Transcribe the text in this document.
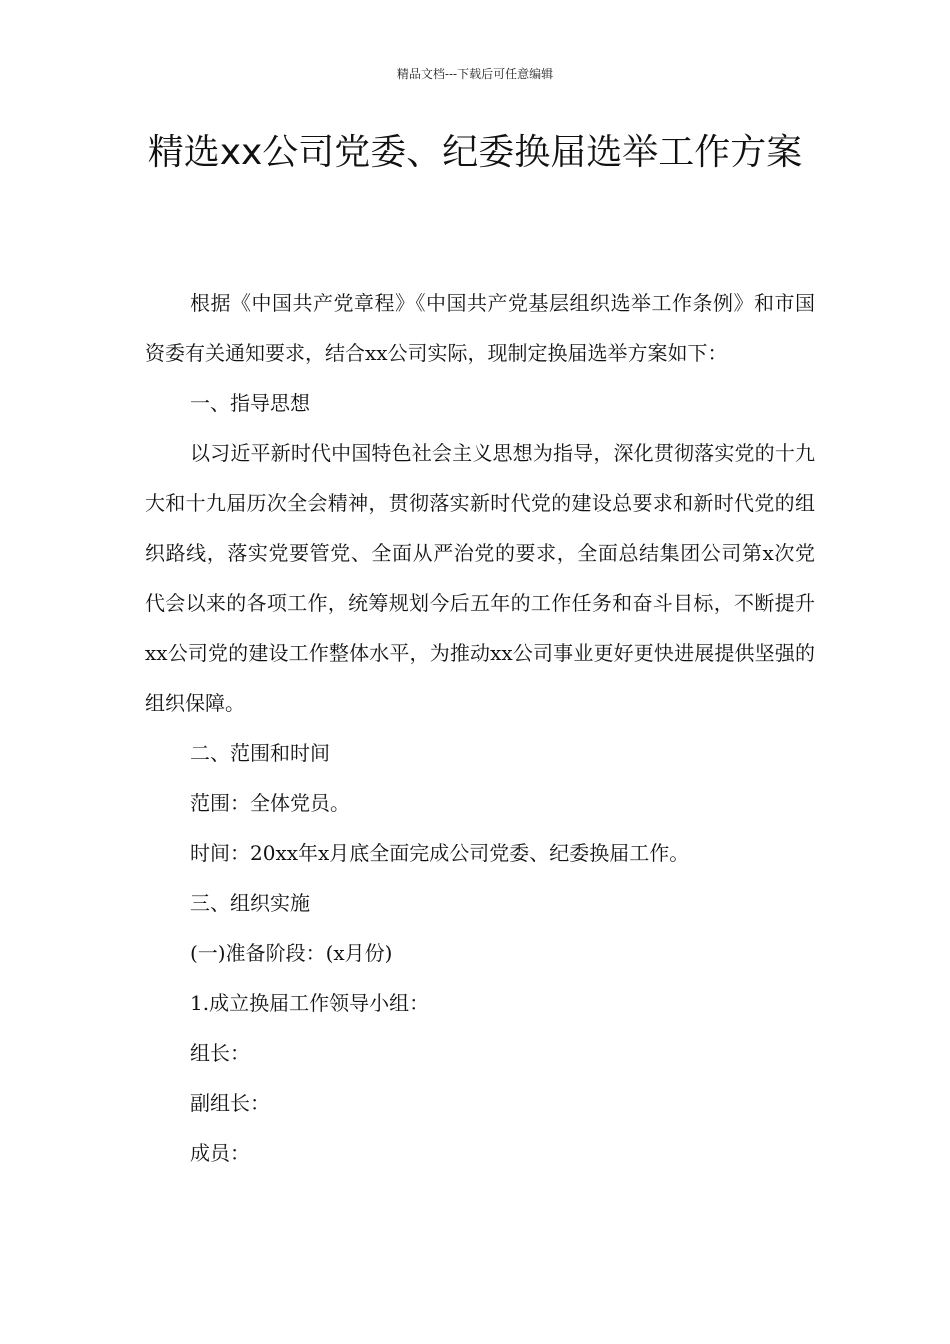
精品文档---下载后可任意编辑
精选xx公司党委、纪委换届选举工作方案

根据《中国共产党章程》《中国共产党基层组织选举工作条例》和市国资委有关通知要求，结合xx公司实际，现制定换届选举方案如下：

一、指导思想

以习近平新时代中国特色社会主义思想为指导，深化贯彻落实党的十九大和十九届历次全会精神，贯彻落实新时代党的建设总要求和新时代党的组织路线，落实党要管党、全面从严治党的要求，全面总结集团公司第x次党代会以来的各项工作，统筹规划今后五年的工作任务和奋斗目标，不断提升xx公司党的建设工作整体水平，为推动xx公司事业更好更快进展提供坚强的组织保障。

二、范围和时间

范围：全体党员。

时间：20xx年x月底全面完成公司党委、纪委换届工作。

三、组织实施

(一)准备阶段：(x月份)

1.成立换届工作领导小组：

组长：

副组长：

成员：
